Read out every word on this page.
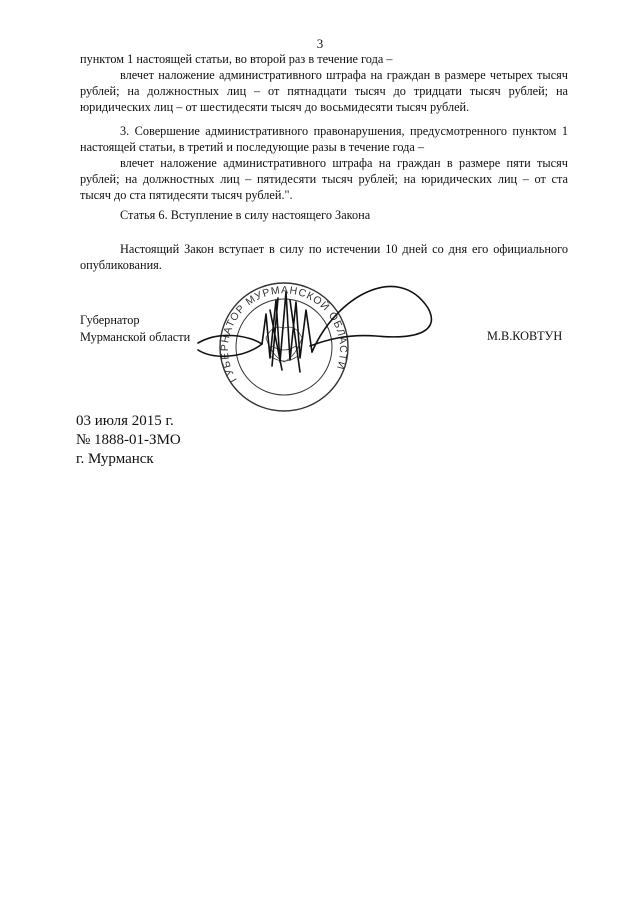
3

пунктом 1 настоящей статьи, во второй раз в течение года –

влечет наложение административного штрафа на граждан в размере четырех тысяч рублей; на должностных лиц – от пятнадцати тысяч до тридцати тысяч рублей; на юридических лиц – от шестидесяти тысяч до восьмидесяти тысяч рублей.

3. Совершение административного правонарушения, предусмотренного пунктом 1 настоящей статьи, в третий и последующие разы в течение года –

влечет наложение административного штрафа на граждан в размере пяти тысяч рублей; на должностных лиц – пятидесяти тысяч рублей; на юридических лиц – от ста тысяч до ста пятидесяти тысяч рублей.".

Статья 6. Вступление в силу настоящего Закона

Настоящий Закон вступает в силу по истечении 10 дней со дня его официального опубликования.

Губернатор
Мурманской области	М.В.КОВТУН
ГУБЕРНАТОР МУРМАНСКОЙ ОБЛАСТИ
03 июля 2015 г.
№ 1888-01-ЗМО
г. Мурманск
